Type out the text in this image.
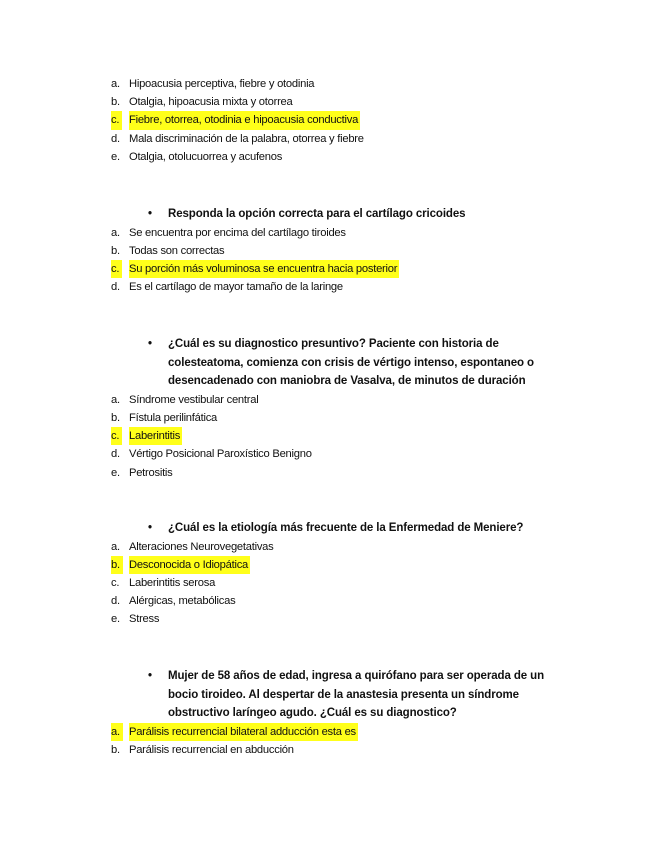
a. Hipoacusia perceptiva, fiebre y otodinia
b. Otalgia, hipoacusia mixta y otorrea
c. Fiebre, otorrea, otodinia e hipoacusia conductiva
d. Mala discriminación de la palabra, otorrea y fiebre
e. Otalgia, otolucuorrea y acufenos
• Responda la opción correcta para el cartílago cricoides
a. Se encuentra por encima del cartílago tiroides
b. Todas son correctas
c. Su porción más voluminosa se encuentra hacia posterior
d. Es el cartílago de mayor tamaño de la laringe
• ¿Cuál es su diagnostico presuntivo? Paciente con historia de colesteatoma, comienza con crisis de vértigo intenso, espontaneo o desencadenado con maniobra de Vasalva, de minutos de duración
a. Síndrome vestibular central
b. Fístula perilinfática
c. Laberintitis
d. Vértigo Posicional Paroxístico Benigno
e. Petrositis
• ¿Cuál es la etiología más frecuente de la Enfermedad de Meniere?
a. Alteraciones Neurovegetativas
b. Desconocida o Idiopática
c. Laberintitis serosa
d. Alérgicas, metabólicas
e. Stress
• Mujer de 58 años de edad, ingresa a quirófano para ser operada de un bocio tiroideo. Al despertar de la anastesia presenta un síndrome obstructivo laríngeo agudo. ¿Cuál es su diagnostico?
a. Parálisis recurrencial bilateral adducción esta es
b. Parálisis recurrencial en abducción
